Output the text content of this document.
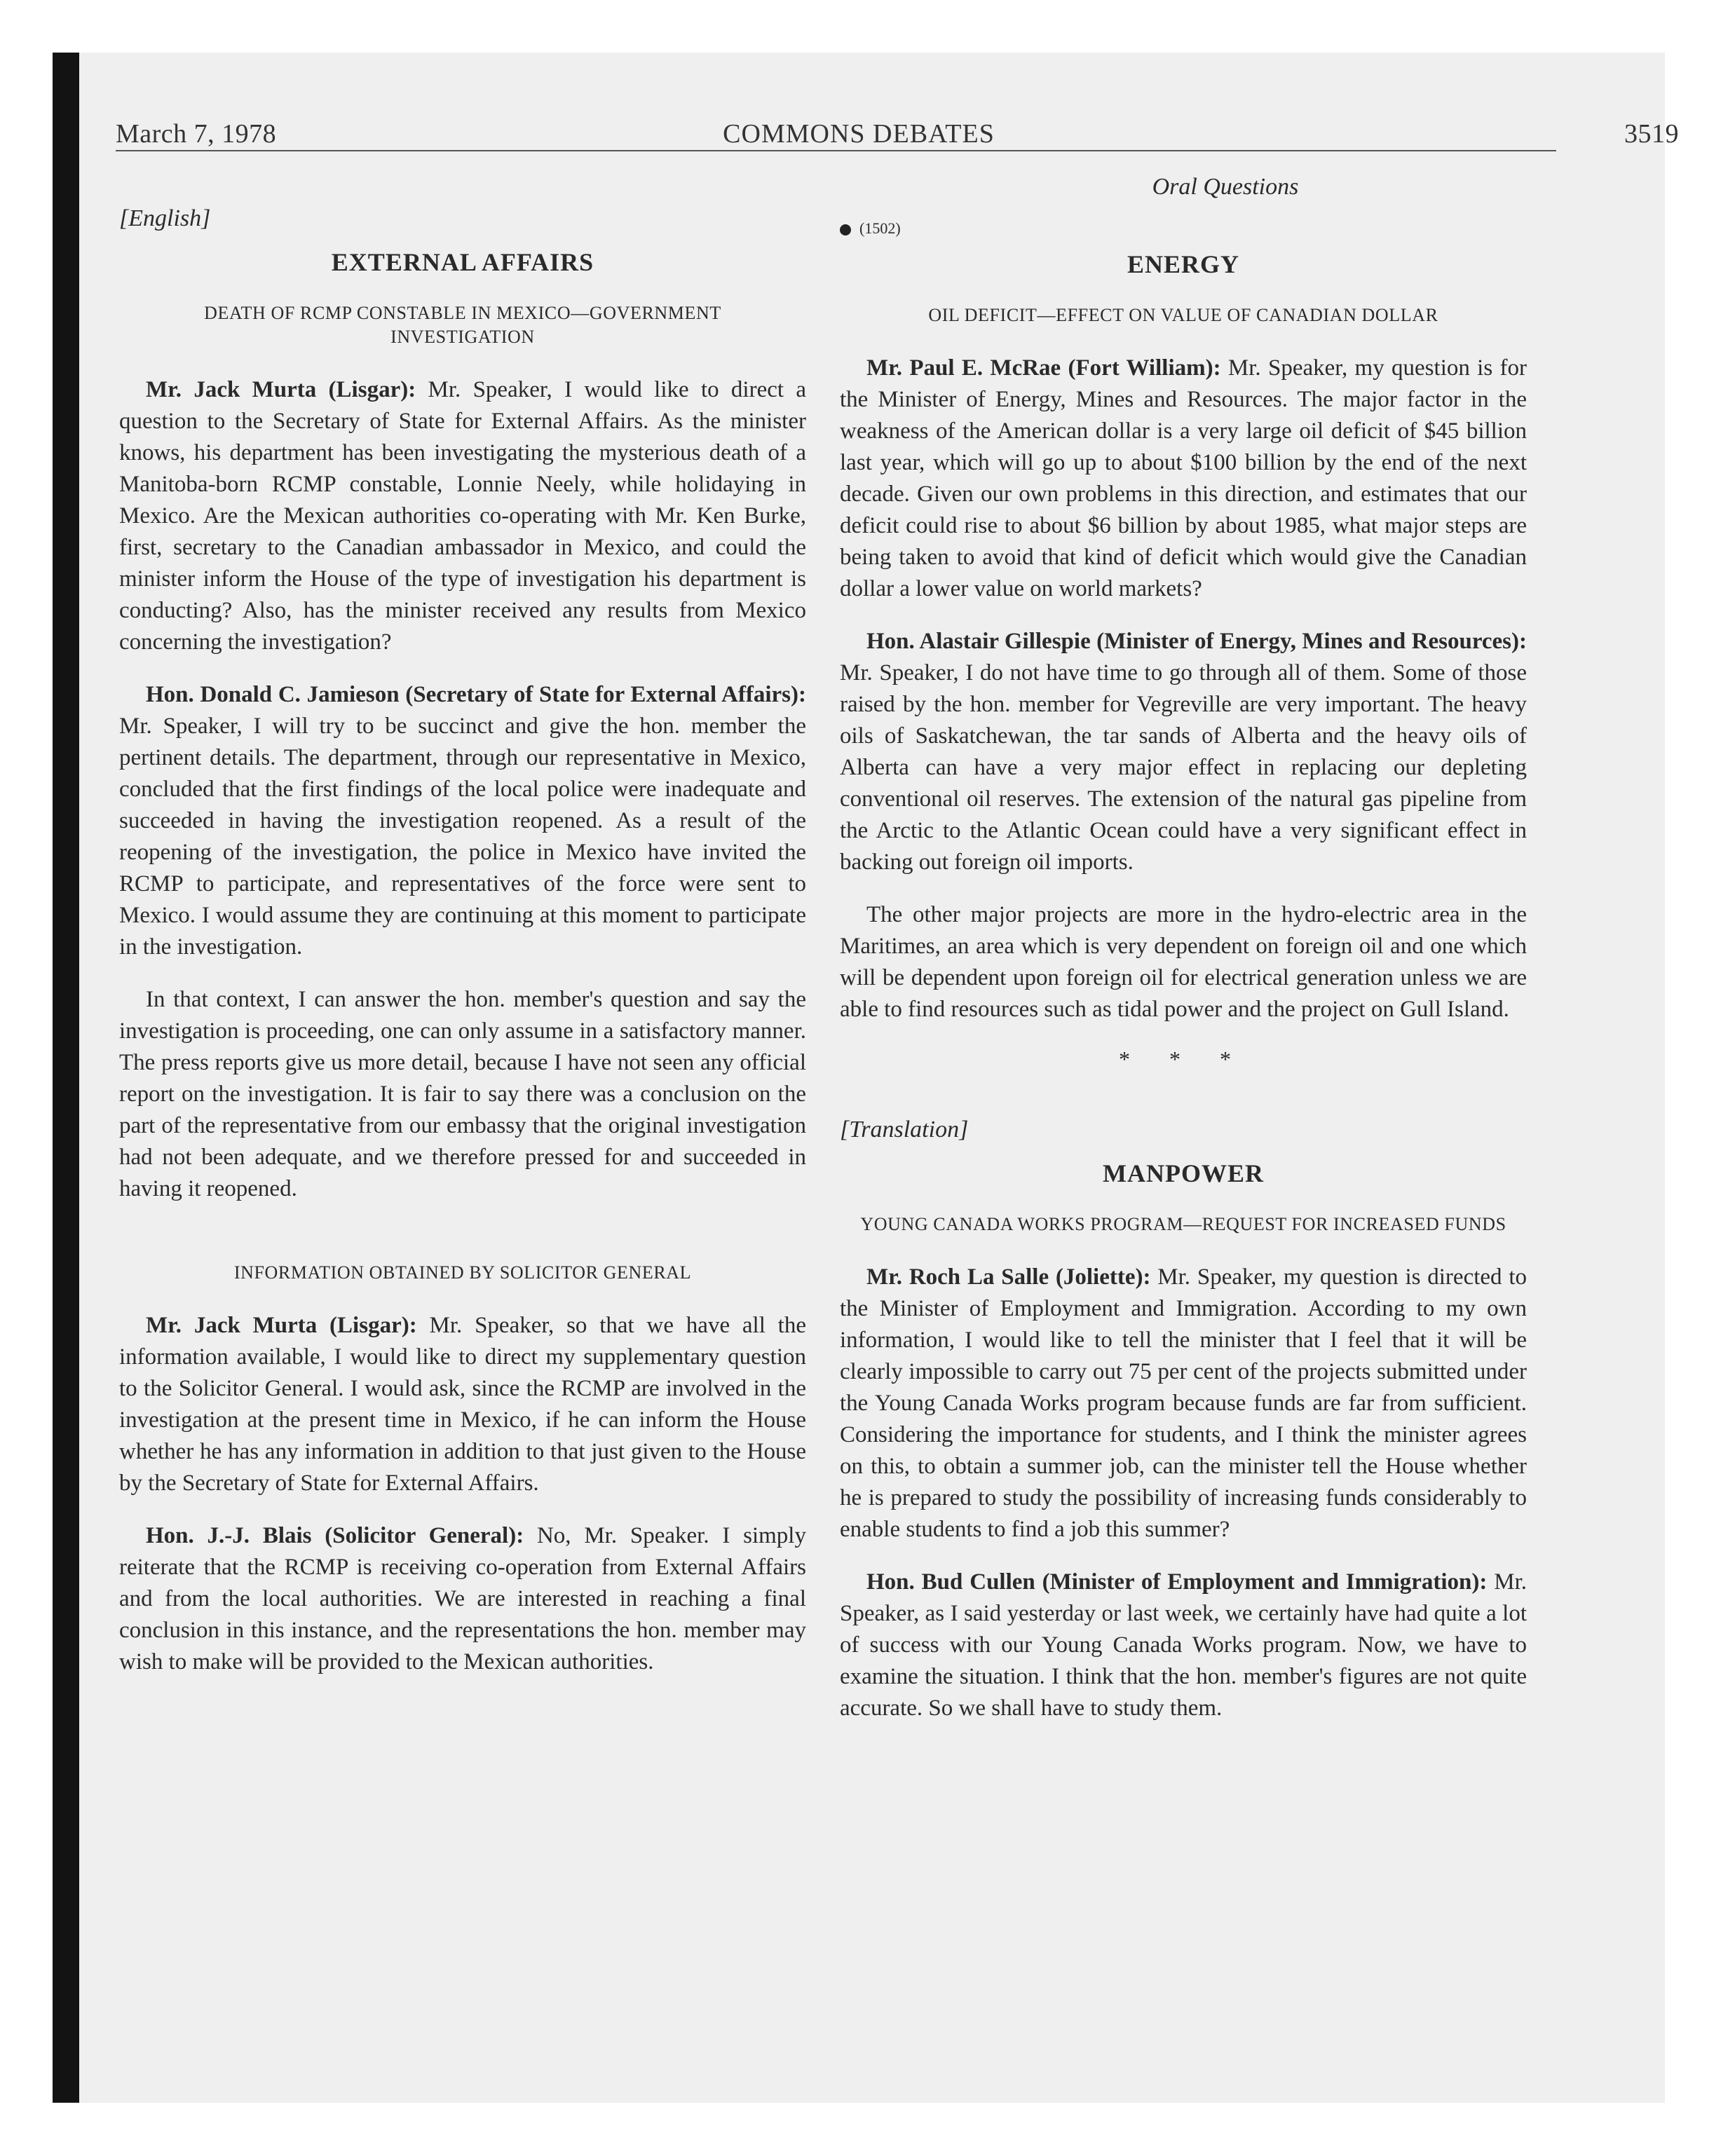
March 7, 1978	COMMONS DEBATES	3519
[English]
EXTERNAL AFFAIRS
DEATH OF RCMP CONSTABLE IN MEXICO—GOVERNMENT INVESTIGATION

Mr. Jack Murta (Lisgar): Mr. Speaker, I would like to direct a question to the Secretary of State for External Affairs. As the minister knows, his department has been investigating the mysterious death of a Manitoba-born RCMP constable, Lonnie Neely, while holidaying in Mexico. Are the Mexican authorities co-operating with Mr. Ken Burke, first, secretary to the Canadian ambassador in Mexico, and could the minister inform the House of the type of investigation his department is conducting? Also, has the minister received any results from Mexico concerning the investigation?

Hon. Donald C. Jamieson (Secretary of State for External Affairs): Mr. Speaker, I will try to be succinct and give the hon. member the pertinent details. The department, through our representative in Mexico, concluded that the first findings of the local police were inadequate and succeeded in having the investigation reopened. As a result of the reopening of the investigation, the police in Mexico have invited the RCMP to participate, and representatives of the force were sent to Mexico. I would assume they are continuing at this moment to participate in the investigation.

In that context, I can answer the hon. member's question and say the investigation is proceeding, one can only assume in a satisfactory manner. The press reports give us more detail, because I have not seen any official report on the investigation. It is fair to say there was a conclusion on the part of the representative from our embassy that the original investigation had not been adequate, and we therefore pressed for and succeeded in having it reopened.

INFORMATION OBTAINED BY SOLICITOR GENERAL

Mr. Jack Murta (Lisgar): Mr. Speaker, so that we have all the information available, I would like to direct my supplementary question to the Solicitor General. I would ask, since the RCMP are involved in the investigation at the present time in Mexico, if he can inform the House whether he has any information in addition to that just given to the House by the Secretary of State for External Affairs.

Hon. J.-J. Blais (Solicitor General): No, Mr. Speaker. I simply reiterate that the RCMP is receiving co-operation from External Affairs and from the local authorities. We are interested in reaching a final conclusion in this instance, and the representations the hon. member may wish to make will be provided to the Mexican authorities.

Oral Questions
(1502)
ENERGY
OIL DEFICIT—EFFECT ON VALUE OF CANADIAN DOLLAR

Mr. Paul E. McRae (Fort William): Mr. Speaker, my question is for the Minister of Energy, Mines and Resources. The major factor in the weakness of the American dollar is a very large oil deficit of $45 billion last year, which will go up to about $100 billion by the end of the next decade. Given our own problems in this direction, and estimates that our deficit could rise to about $6 billion by about 1985, what major steps are being taken to avoid that kind of deficit which would give the Canadian dollar a lower value on world markets?

Hon. Alastair Gillespie (Minister of Energy, Mines and Resources): Mr. Speaker, I do not have time to go through all of them. Some of those raised by the hon. member for Vegreville are very important. The heavy oils of Saskatchewan, the tar sands of Alberta and the heavy oils of Alberta can have a very major effect in replacing our depleting conventional oil reserves. The extension of the natural gas pipeline from the Arctic to the Atlantic Ocean could have a very significant effect in backing out foreign oil imports.

The other major projects are more in the hydro-electric area in the Maritimes, an area which is very dependent on foreign oil and one which will be dependent upon foreign oil for electrical generation unless we are able to find resources such as tidal power and the project on Gull Island.

* * *
[Translation]
MANPOWER
YOUNG CANADA WORKS PROGRAM—REQUEST FOR INCREASED FUNDS

Mr. Roch La Salle (Joliette): Mr. Speaker, my question is directed to the Minister of Employment and Immigration. According to my own information, I would like to tell the minister that I feel that it will be clearly impossible to carry out 75 per cent of the projects submitted under the Young Canada Works program because funds are far from sufficient. Considering the importance for students, and I think the minister agrees on this, to obtain a summer job, can the minister tell the House whether he is prepared to study the possibility of increasing funds considerably to enable students to find a job this summer?

Hon. Bud Cullen (Minister of Employment and Immigration): Mr. Speaker, as I said yesterday or last week, we certainly have had quite a lot of success with our Young Canada Works program. Now, we have to examine the situation. I think that the hon. member's figures are not quite accurate. So we shall have to study them.
